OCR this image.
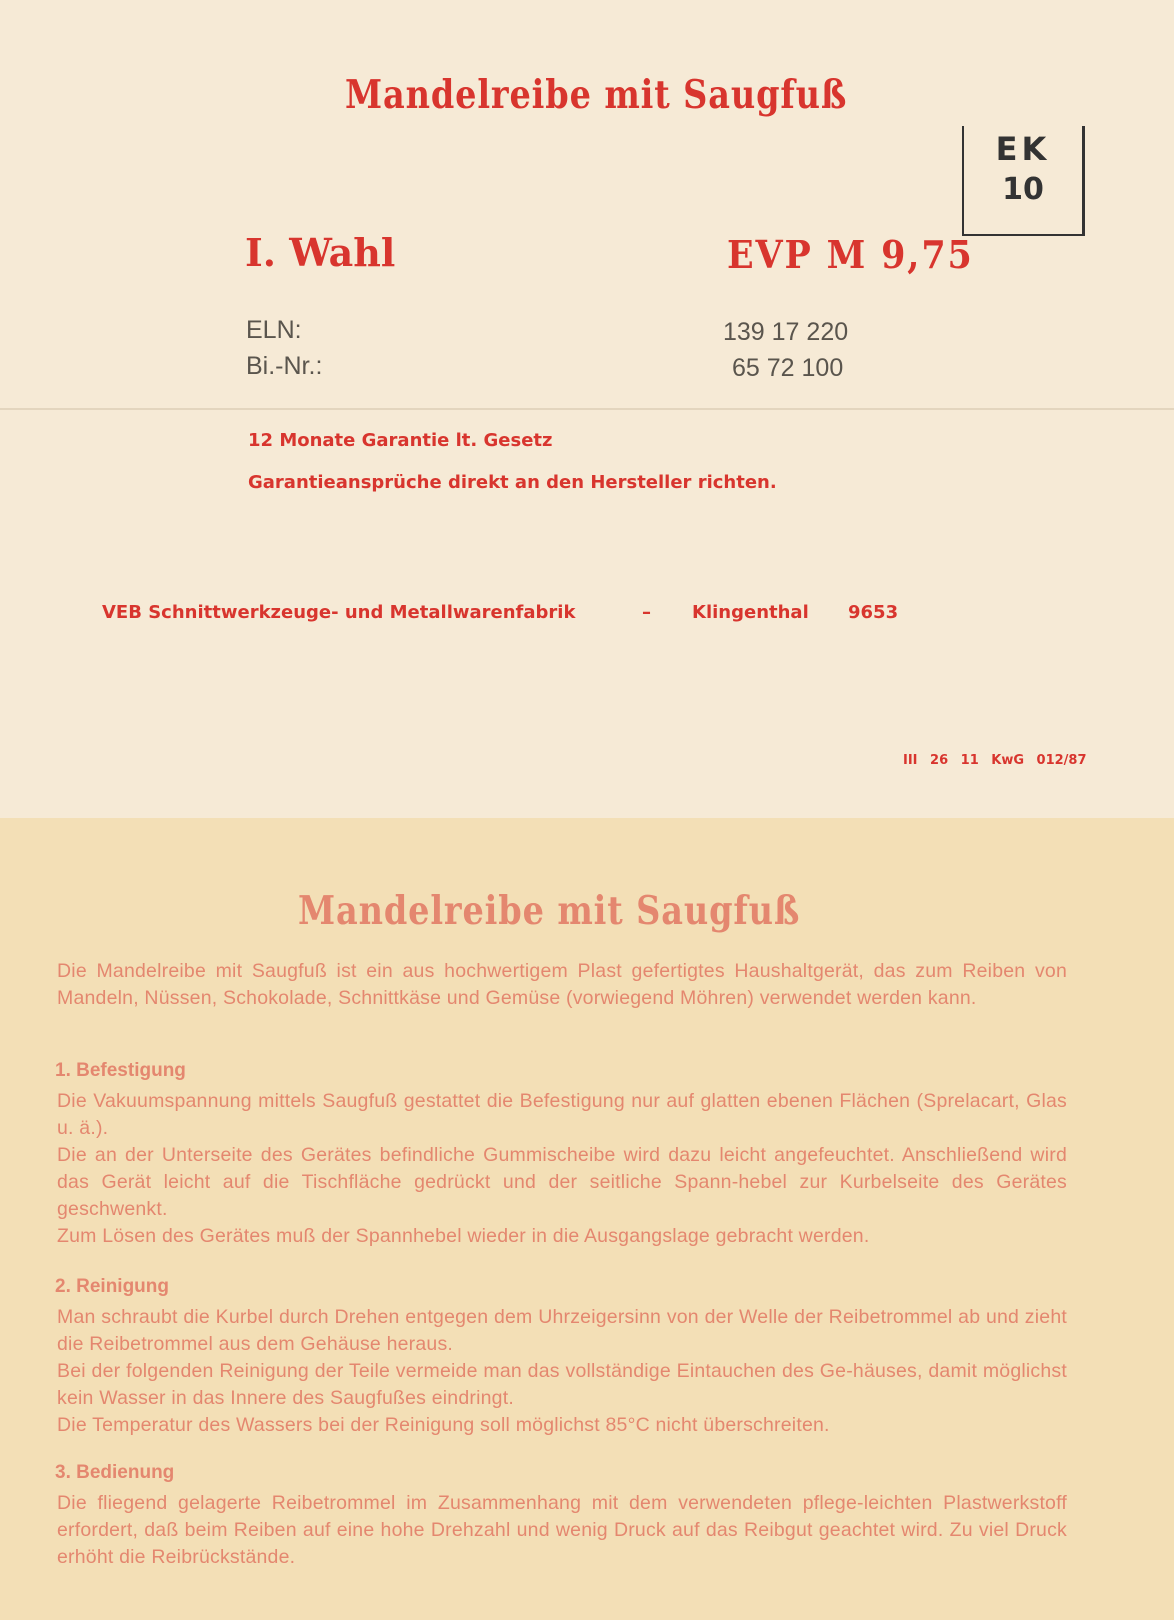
Mandelreibe mit Saugfuß
EK
10
I. Wahl	EVP M 9,75
ELN:	139 17 220
Bi.-Nr.:	65 72 100
12 Monate Garantie lt. Gesetz
Garantieansprüche direkt an den Hersteller richten.
VEB Schnittwerkzeuge- und Metallwarenfabrik	– Klingenthal 9653
III 26 11 KwG 012/87
Mandelreibe mit Saugfuß

Die Mandelreibe mit Saugfuß ist ein aus hochwertigem Plast gefertigtes Haushaltgerät, das zum Reiben von Mandeln, Nüssen, Schokolade, Schnittkäse und Gemüse (vorwiegend Möhren) verwendet werden kann.

1. Befestigung

Die Vakuumspannung mittels Saugfuß gestattet die Befestigung nur auf glatten ebenen Flächen (Sprelacart, Glas u. ä.).

Die an der Unterseite des Gerätes befindliche Gummischeibe wird dazu leicht angefeuchtet. Anschließend wird das Gerät leicht auf die Tischfläche gedrückt und der seitliche Spann-hebel zur Kurbelseite des Gerätes geschwenkt.

Zum Lösen des Gerätes muß der Spannhebel wieder in die Ausgangslage gebracht werden.

2. Reinigung

Man schraubt die Kurbel durch Drehen entgegen dem Uhrzeigersinn von der Welle der Reibetrommel ab und zieht die Reibetrommel aus dem Gehäuse heraus.

Bei der folgenden Reinigung der Teile vermeide man das vollständige Eintauchen des Ge-häuses, damit möglichst kein Wasser in das Innere des Saugfußes eindringt.

Die Temperatur des Wassers bei der Reinigung soll möglichst 85°C nicht überschreiten.

3. Bedienung

Die fliegend gelagerte Reibetrommel im Zusammenhang mit dem verwendeten pflege-leichten Plastwerkstoff erfordert, daß beim Reiben auf eine hohe Drehzahl und wenig Druck auf das Reibgut geachtet wird. Zu viel Druck erhöht die Reibrückstände.
